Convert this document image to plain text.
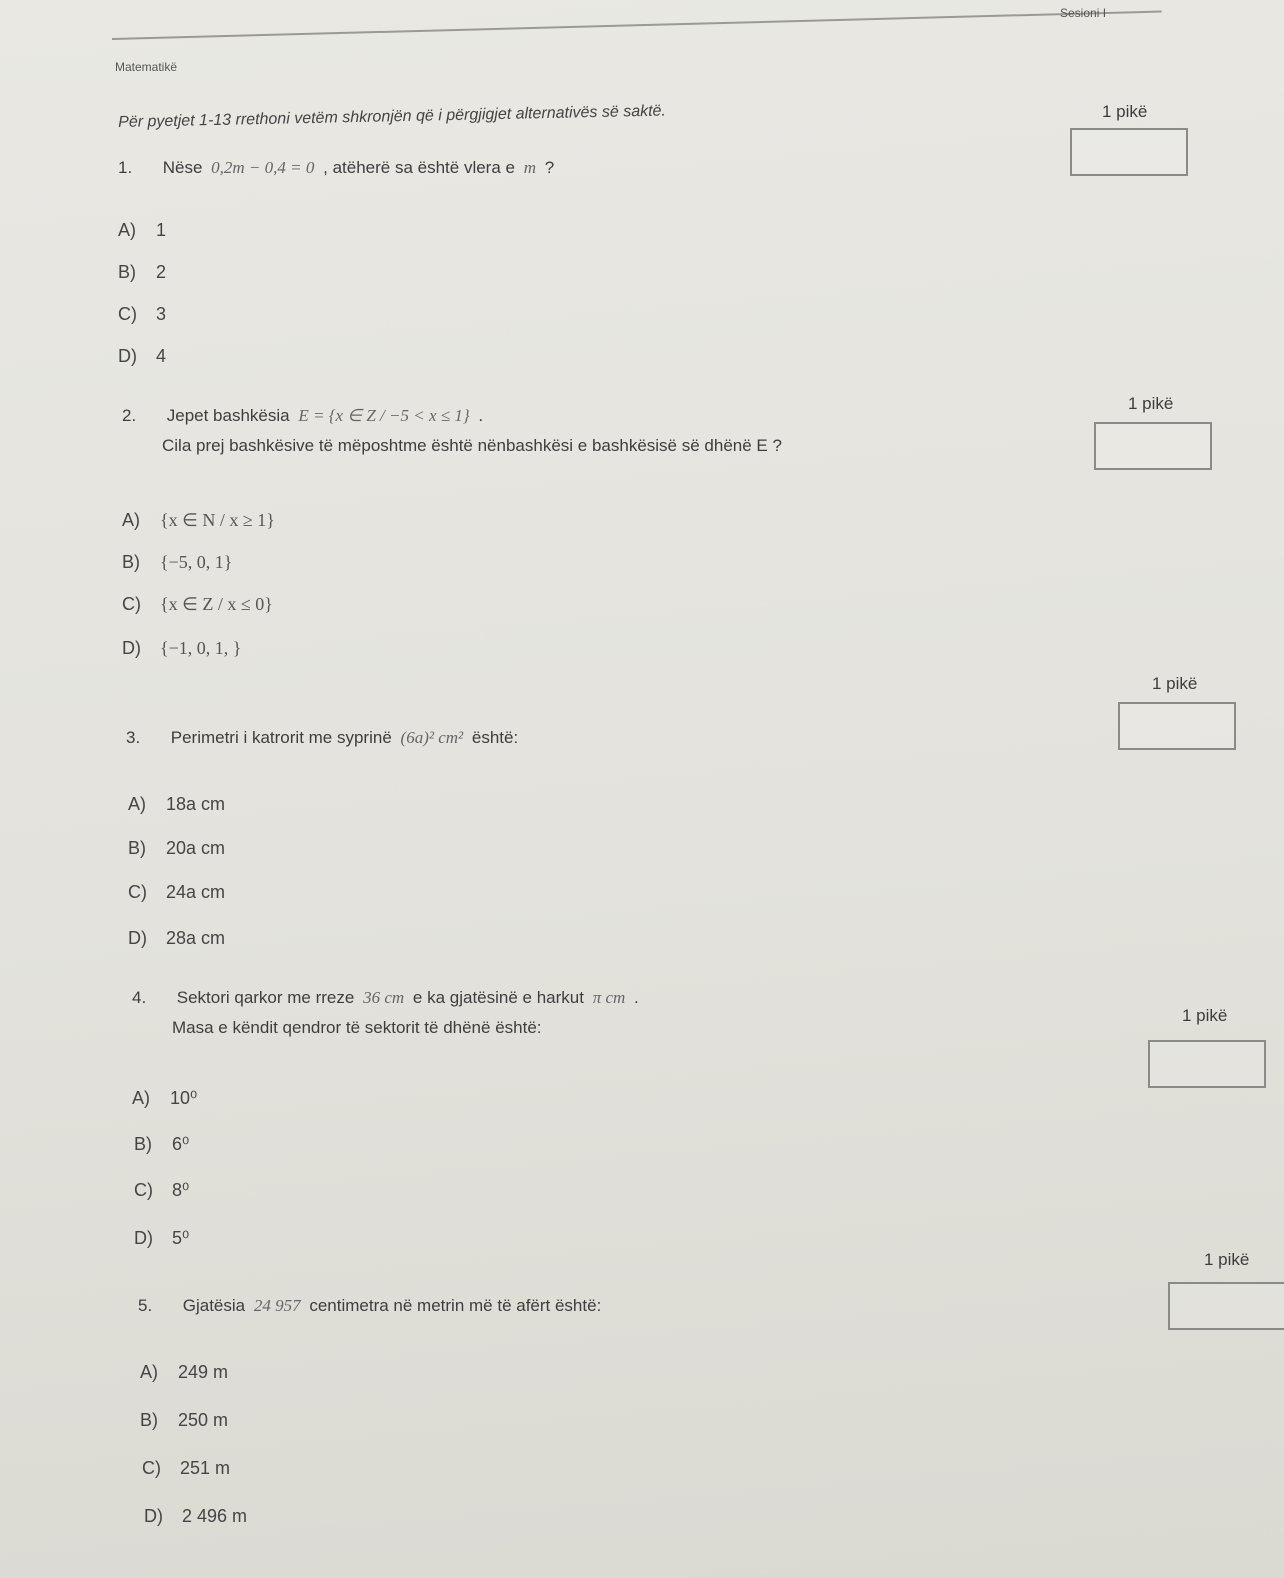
Matematikë
Sesioni I
Për pyetjet 1-13 rrethoni vetëm shkronjën që i përgjigjet alternativës së saktë.
1. Nëse 0,2m − 0,4 = 0 , atëherë sa është vlera e m ?
1 pikë
A) 1
B) 2
C) 3
D) 4
2. Jepet bashkësia E = {x ∈ Z / −5 < x ≤ 1} .
Cila prej bashkësive të mëposhtme është nënbashkësi e bashkësisë së dhënë E ?
1 pikë
A) {x ∈ N / x ≥ 1}
B) {−5, 0, 1}
C) {x ∈ Z / x ≤ 0}
D) {−1, 0, 1, }
3. Perimetri i katrorit me syprinë (6a)² cm² është:
1 pikë
A) 18a cm
B) 20a cm
C) 24a cm
D) 28a cm
4. Sektori qarkor me rreze 36 cm e ka gjatësinë e harkut π cm .
Masa e këndit qendror të sektorit të dhënë është:
1 pikë
A) 10⁰
B) 6⁰
C) 8⁰
D) 5⁰
5. Gjatësia 24 957 centimetra në metrin më të afërt është:
1 pikë
A) 249 m
B) 250 m
C) 251 m
D) 2 496 m
